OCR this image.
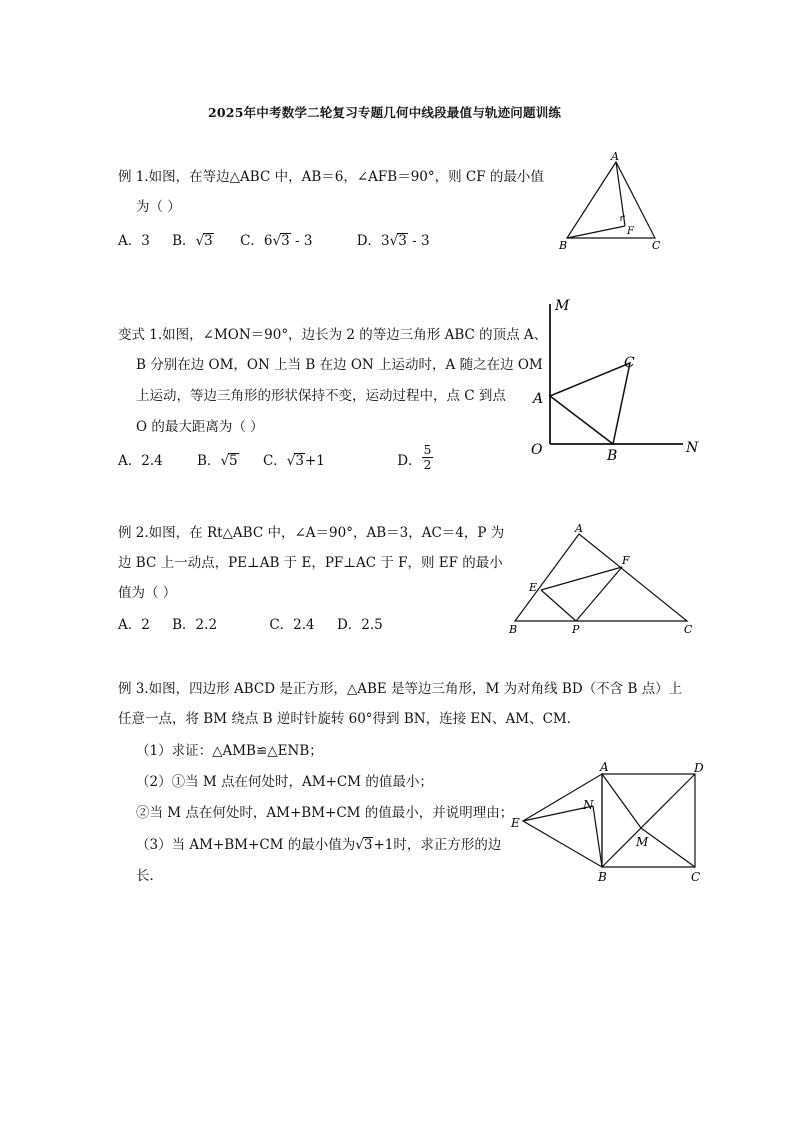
2025年中考数学二轮复习专题几何中线段最值与轨迹问题训练
例 1.如图，在等边△ABC 中，AB＝6，∠AFB＝90°，则 CF 的最小值
为（ ）
A．3 B．√3 C．6√3 - 3	D．3√3 - 3
A
B	C
F
变式 1.如图，∠MON＝90°，边长为 2 的等边三角形 ABC 的顶点 A、
B 分别在边 OM，ON 上当 B 在边 ON 上运动时，A 随之在边 OM
上运动，等边三角形的形状保持不变，运动过程中，点 C 到点
O 的最大距离为（ ）
A．2.4	B．√5 C．√3+1	D． $\frac{5}{2}$
M
O	N
A
B
C
例 2.如图，在 Rt△ABC 中，∠A＝90°，AB＝3，AC＝4，P 为
边 BC 上一动点，PE⊥AB 于 E，PF⊥AC 于 F，则 EF 的最小
值为（ ）
A．2 B．2.2	C．2.4 D．2.5
A
B	C
E
F
P
例 3.如图，四边形 ABCD 是正方形，△ABE 是等边三角形，M 为对角线 BD（不含 B 点）上
任意一点，将 BM 绕点 B 逆时针旋转 60°得到 BN，连接 EN、AM、CM．
（1）求证：△AMB≌△ENB；
（2）①当 M 点在何处时，AM+CM 的值最小；
②当 M 点在何处时，AM+BM+CM 的值最小，并说明理由；
（3）当 AM+BM+CM 的最小值为√3+1时，求正方形的边
长．
A	D
E
N
M
B	C
